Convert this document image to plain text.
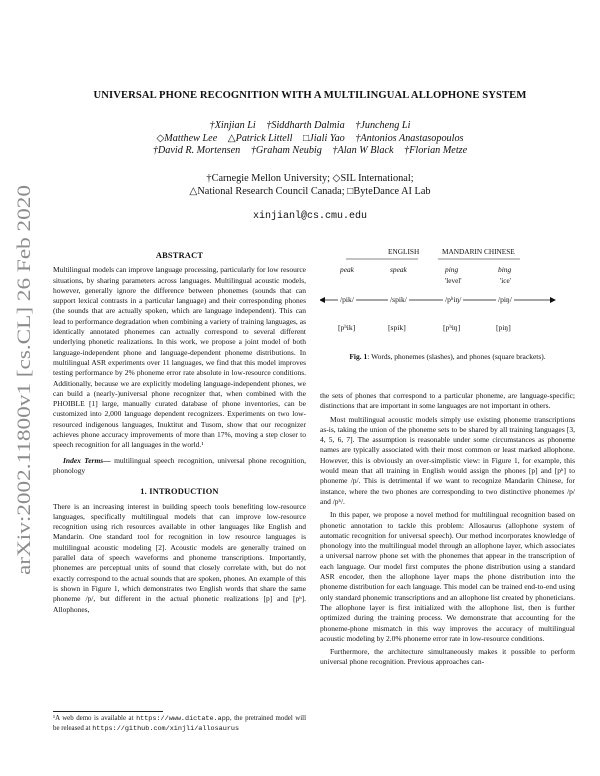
arXiv:2002.11800v1 [cs.CL] 26 Feb 2020
UNIVERSAL PHONE RECOGNITION WITH A MULTILINGUAL ALLOPHONE SYSTEM
†Xinjian Li †Siddharth Dalmia †Juncheng Li
◇Matthew Lee △Patrick Littell □Jiali Yao †Antonios Anastasopoulos
†David R. Mortensen †Graham Neubig †Alan W Black †Florian Metze
†Carnegie Mellon University; ◇SIL International;
△National Research Council Canada; □ByteDance AI Lab
xinjianl@cs.cmu.edu
ABSTRACT

Multilingual models can improve language processing, particularly for low resource situations, by sharing parameters across languages. Multilingual acoustic models, however, generally ignore the difference between phonemes (sounds that can support lexical contrasts in a particular language) and their corresponding phones (the sounds that are actually spoken, which are language independent). This can lead to performance degradation when combining a variety of training languages, as identically annotated phonemes can actually correspond to several different underlying phonetic realizations. In this work, we propose a joint model of both language-independent phone and language-dependent phoneme distributions. In multilingual ASR experiments over 11 languages, we find that this model improves testing performance by 2% phoneme error rate absolute in low-resource conditions. Additionally, because we are explicitly modeling language-independent phones, we can build a (nearly-)universal phone recognizer that, when combined with the PHOIBLE [1] large, manually curated database of phone inventories, can be customized into 2,000 language dependent recognizers. Experiments on two low-resourced indigenous languages, Inuktitut and Tusom, show that our recognizer achieves phone accuracy improvements of more than 17%, moving a step closer to speech recognition for all languages in the world.¹

Index Terms— multilingual speech recognition, universal phone recognition, phonology

1. INTRODUCTION

There is an increasing interest in building speech tools benefiting low-resource languages, specifically multilingual models that can improve low-resource recognition using rich resources available in other languages like English and Mandarin. One standard tool for recognition in low resource languages is multilingual acoustic modeling [2]. Acoustic models are generally trained on parallel data of speech waveforms and phoneme transcriptions. Importantly, phonemes are perceptual units of sound that closely correlate with, but do not exactly correspond to the actual sounds that are spoken, phones. An example of this is shown in Figure 1, which demonstrates two English words that share the same phoneme /p/, but different in the actual phonetic realizations [p] and [pʰ]. Allophones,

¹A web demo is available at https://www.dictate.app, the pretrained model will be released at https://github.com/xinjli/allosaurus
ENGLISH	MANDARIN CHINESE
peak	speak	ping	bing
'level'	'ice'
/pik/	/spik/	/pʰiŋ/	/piŋ/
[pʰik]	[spik]	[pʰiŋ]	[piŋ]
Fig. 1: Words, phonemes (slashes), and phones (square brackets).

the sets of phones that correspond to a particular phoneme, are language-specific; distinctions that are important in some languages are not important in others.

Most multilingual acoustic models simply use existing phoneme transcriptions as-is, taking the union of the phoneme sets to be shared by all training languages [3, 4, 5, 6, 7]. The assumption is reasonable under some circumstances as phoneme names are typically associated with their most common or least marked allophone. However, this is obviously an over-simplistic view: in Figure 1, for example, this would mean that all training in English would assign the phones [p] and [pʰ] to phoneme /p/. This is detrimental if we want to recognize Mandarin Chinese, for instance, where the two phones are corresponding to two distinctive phonemes /p/ and /pʰ/.

In this paper, we propose a novel method for multilingual recognition based on phonetic annotation to tackle this problem: Allosaurus (allophone system of automatic recognition for universal speech). Our method incorporates knowledge of phonology into the multilingual model through an allophone layer, which associates a universal narrow phone set with the phonemes that appear in the transcription of each language. Our model first computes the phone distribution using a standard ASR encoder, then the allophone layer maps the phone distribution into the phoneme distribution for each language. This model can be trained end-to-end using only standard phonemic transcriptions and an allophone list created by phoneticians. The allophone layer is first initialized with the allophone list, then is further optimized during the training process. We demonstrate that accounting for the phoneme-phone mismatch in this way improves the accuracy of multilingual acoustic modeling by 2.0% phoneme error rate in low-resource conditions.

Furthermore, the architecture simultaneously makes it possible to perform universal phone recognition. Previous approaches can-
